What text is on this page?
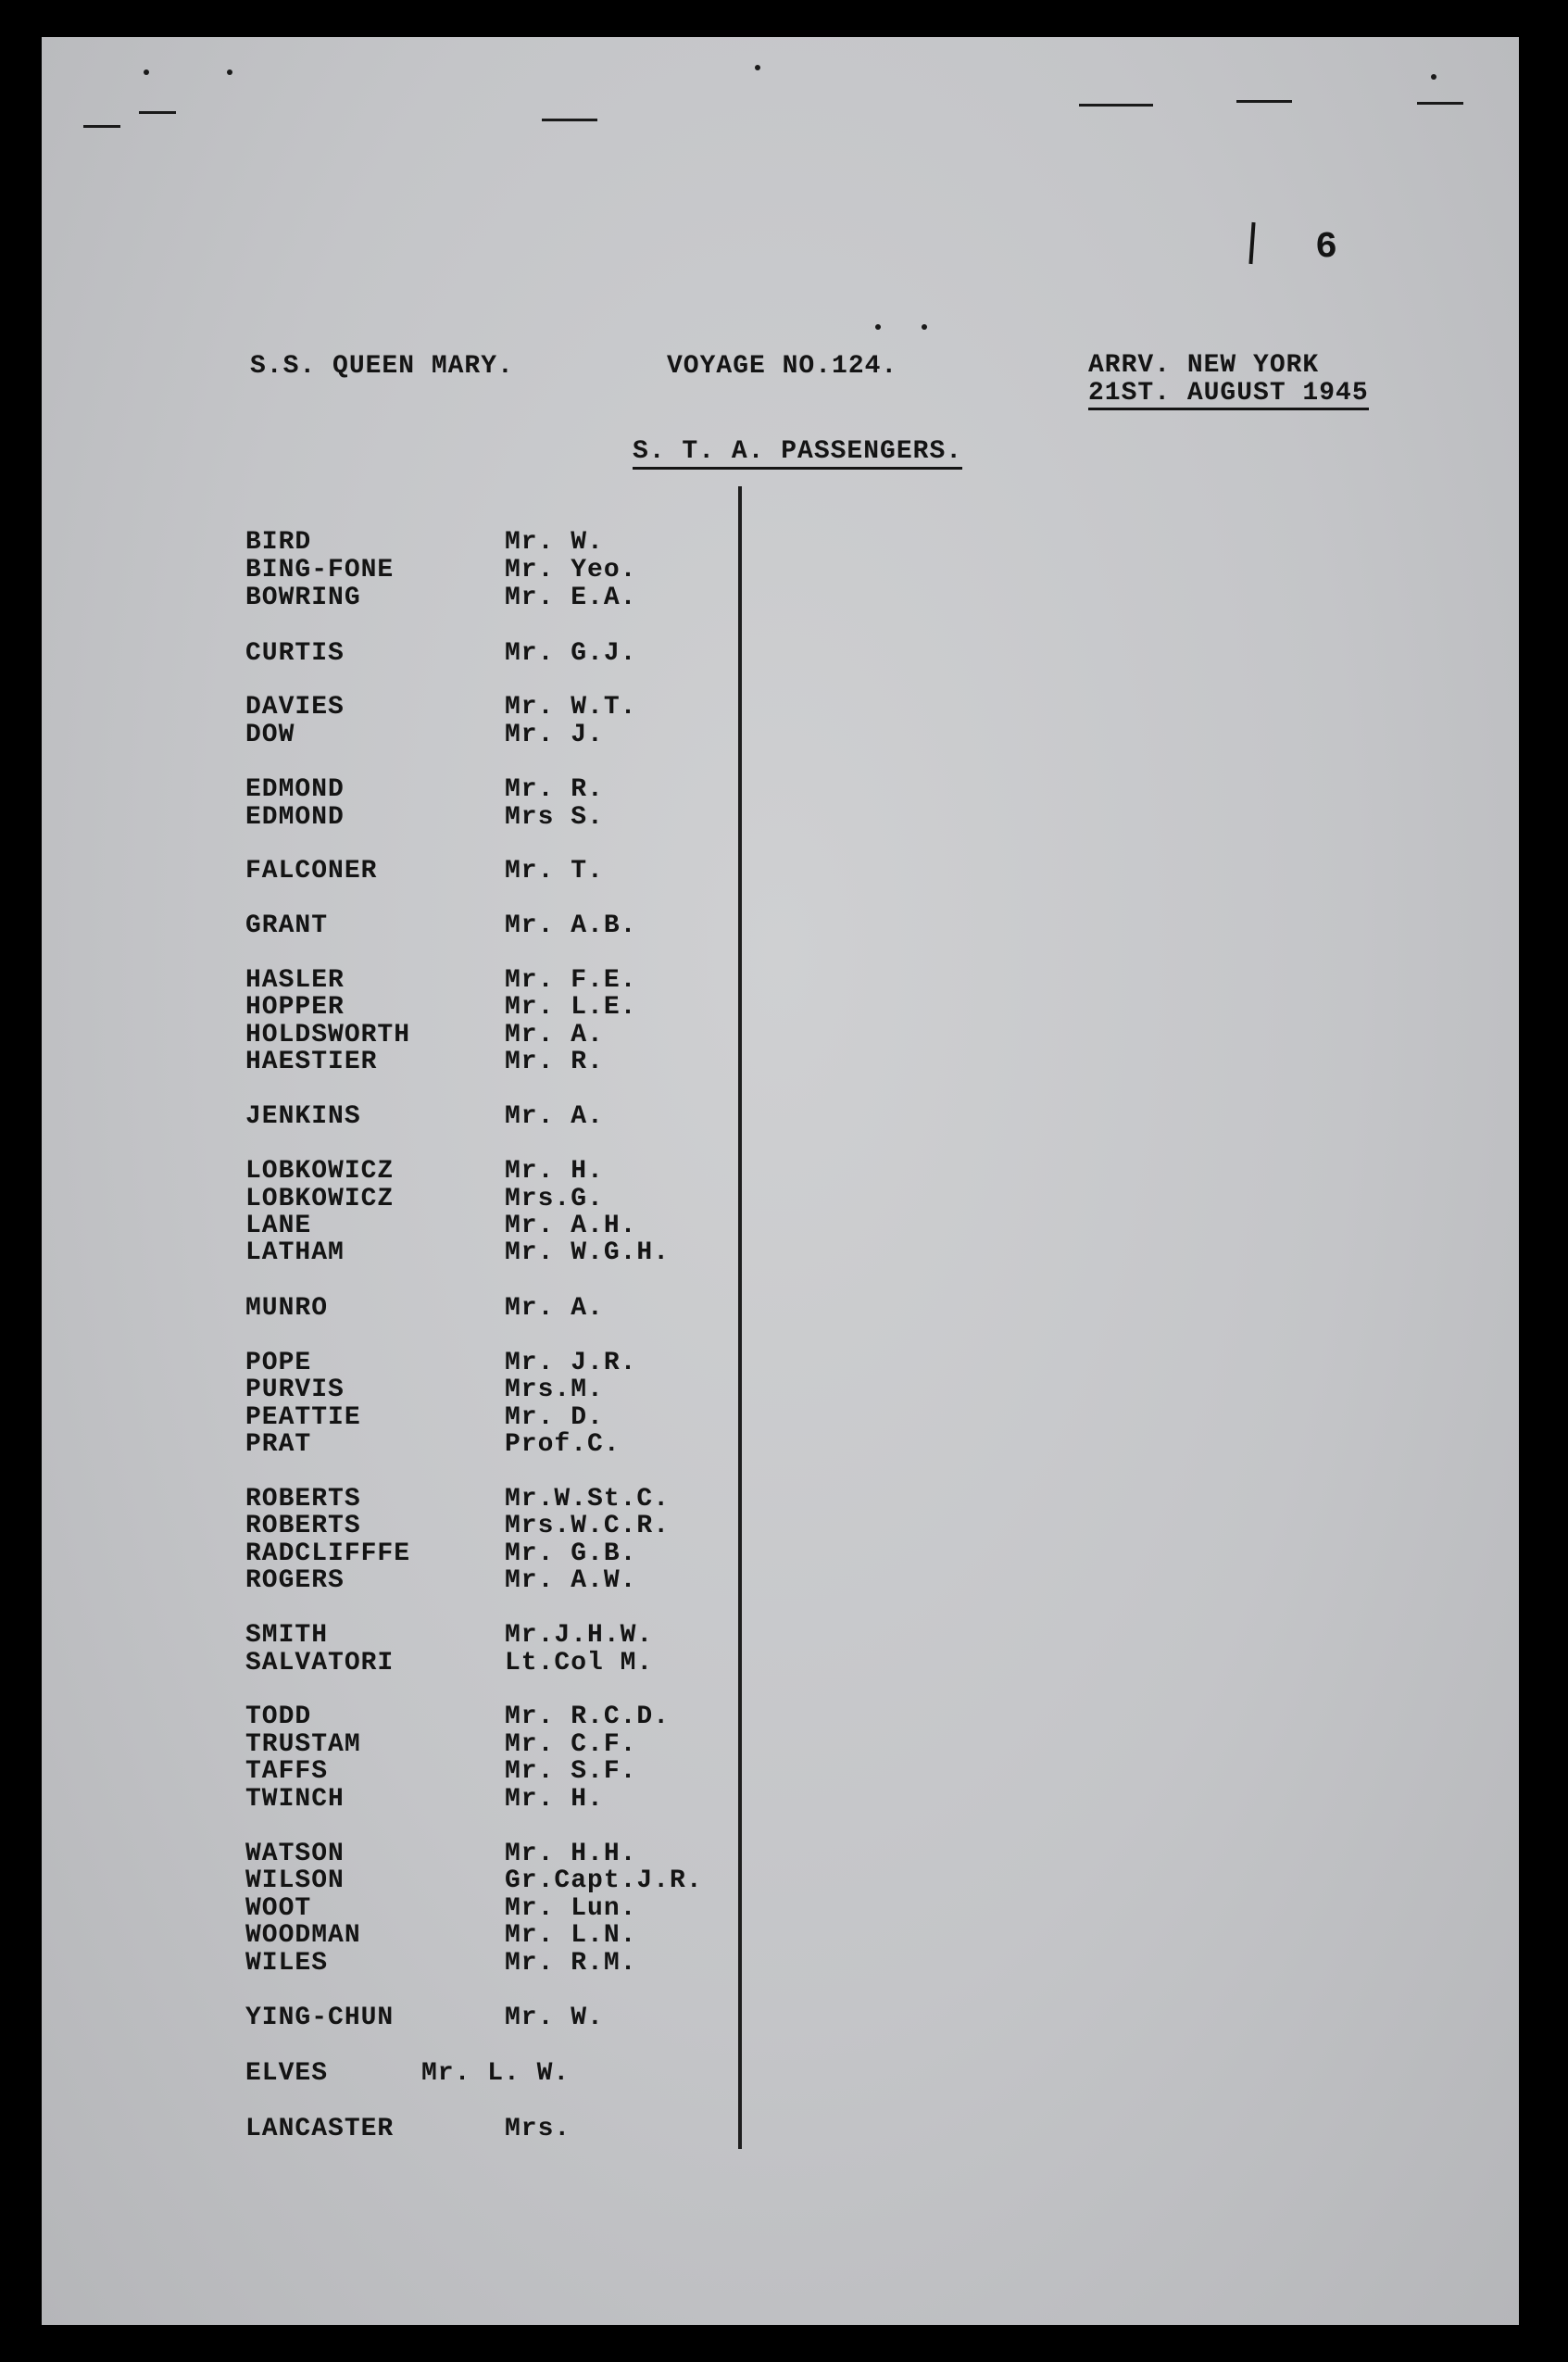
6
S.S. QUEEN MARY.	VOYAGE NO.124.	ARRV. NEW YORK
21ST. AUGUST 1945
S. T. A. PASSENGERS.

BIRD	Mr. W.
BING-FONE	Mr. Yeo.
BOWRING	Mr. E.A.
CURTIS	Mr. G.J.
DAVIES	Mr. W.T.
DOW	Mr. J.
EDMOND	Mr. R.
EDMOND	Mrs S.
FALCONER	Mr. T.
GRANT	Mr. A.B.
HASLER	Mr. F.E.
HOPPER	Mr. L.E.
HOLDSWORTH	Mr. A.
HAESTIER	Mr. R.
JENKINS	Mr. A.
LOBKOWICZ	Mr. H.
LOBKOWICZ	Mrs.G.
LANE	Mr. A.H.
LATHAM	Mr. W.G.H.
MUNRO	Mr. A.
POPE	Mr. J.R.
PURVIS	Mrs.M.
PEATTIE	Mr. D.
PRAT	Prof.C.
ROBERTS	Mr.W.St.C.
ROBERTS	Mrs.W.C.R.
RADCLIFFFE	Mr. G.B.
ROGERS	Mr. A.W.
SMITH	Mr.J.H.W.
SALVATORI	Lt.Col M.
TODD	Mr. R.C.D.
TRUSTAM	Mr. C.F.
TAFFS	Mr. S.F.
TWINCH	Mr. H.
WATSON	Mr. H.H.
WILSON	Gr.Capt.J.R.
WOOT	Mr. Lun.
WOODMAN	Mr. L.N.
WILES	Mr. R.M.
YING-CHUN	Mr. W.
ELVES	Mr. L. W.
LANCASTER	Mrs.
